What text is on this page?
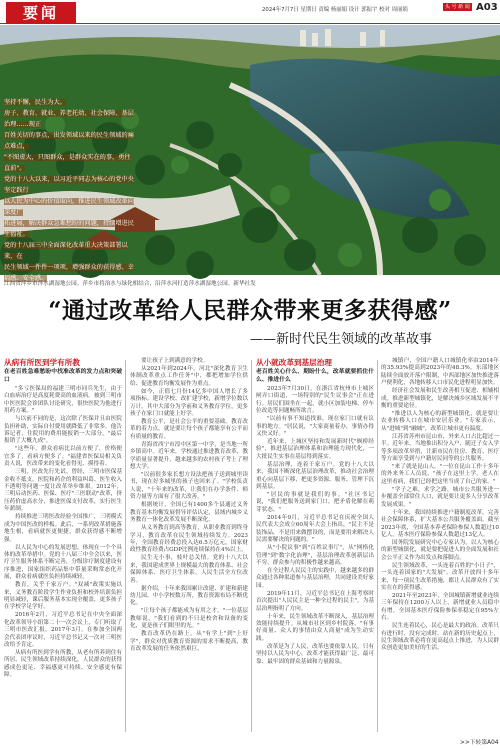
要闻	2024年7月7日 星期日 责编 杨丽娟 设计 郭振宇 校对 周丽娟	头 号 新 闻 A03
坚持不懈，民生为大。
房子、教育、就业、养老托幼、社会保障、基层治理……现正
百姓关切的事点，出发领域以来的民生领域的痛点难点，
"不图虚大，只图群众，是群众实在的事，勇往直前"。
党的十八大以来，以习近平同志为核心的党中央坚定践行
以人民为中心的价值取向，推进民生领域改革向深度广
拓进展，解决群众急难愁盼的问题，持续增进民生福祉。
党的十八届三中全面深化改革重大决策部署以来，在
民生领域一件件一项项，增强群众的获得感、幸福感、安全感。
江西省萍乡市萍水湖湿地公园。萍乡市将治水与绿化相结合，沿萍水河打造萍水湖湿地公园。新华社发
“通过改革给人民群众带来更多获得感”
——新时代民生领域的改革故事
从病有所医到学有所教
在老百姓急难愁盼中找准改革的发力点和突破口

"多亏医保局的福建三明市同兵先生，由于白血病治疗是高度耗费高的血液病。被到三明市中医医院会诊团队讨论研究，很快医院为他进行用药方案。"

与以前不同的是，这次除了医保并且由医院负担补助，实际自付费用就降低了非常多。他告诉记者，住院用的费用能报销一大部分，"最后报销了大概九成"。

"这些年，群众看病比以前方便了，价格便宜多了，看病方便多了。"福建省医保局相关负责人说，医改带来的变化看得见、摸得着。

三明，医改先行先试。曾经，三明市医保基金收不抵支，医院和药企的利益纠葛、医生收入不透明等问题一度让改革举步维艰。2012年，三明启动医药、医保、医疗"三医联动"改革，挤压药价虚高水分，推进医保支付改革，实行医生年薪制。

持续推进三明医改经验全国推广，三明模式成为中国医改的样板。此后，一系列改革措施落地生根，看病就医更便捷，群众获得感不断增强。

以人民为中心的发展思想，体现在一个个具体的改革举措中。党的十八届三中全会以来，医疗卫生服务体系不断完善，分级诊疗制度建设有序推进，国家组织药品集中带量采购常态化开展，群众看病就医负担持续减轻。

教育，关乎千家万户。"双减"政策实施以来，义务教育阶段学生作业负担和校外培训负担明显减轻，课后服务基本实现全覆盖，更多孩子在学校学足学好。

2016年2月，习近平总书记在中央全面深化改革领导小组第二十一次会议上，专门听取了三明市医改汇报。2017年3月，在参加全国两会代表团审议时，习近平总书记又一次对三明医改给予肯定。

从病有所医到学有所教，从老有所养到住有所居，民生领域改革持续深化，人民群众的获得感成色更足、幸福感更可持续、安全感更有保障。

要让孩子上到满意的学校。

从2021年到2024年，河北"深化教育卫生体制改革重点工作任务"中，都把增加学位供给、促进教育均衡发展作为重点。

如今，正值七月份14亿多中国人增长了多项指标。建设学校、改扩建学校，新增学位数以万计。其中大部分为学前和义务教育学位，更多孩子在家门口就能上好学。

教育公平，是社会公平的重要基础。教育改革的着力点，就是要让每个孩子都能享有公平而有质量的教育。

青海省西宁市湟中区第一中学，是当地一所乡镇高中。近年来，学校通过推进教育改革，教学质量显著提升，越来越多的农村孩子考上了理想大学。

"以前很多家长想方设法把孩子送到城里读书，现在好多城里的孩子也回来了。"学校负责人说，"十年来的改革，让我们在办学条件、师资力量等方面有了很大改善。"

根据统计，全国已有1400多个县通过义务教育基本均衡发展督导评估认定，县域内城乡义务教育一体化改革发展不断深化。

从义务教育到高等教育，从职业教育到终身学习，教育改革在民生领域持续发力。2023年，全国教育经费总投入达6.5万亿元，国家财政性教育经费占GDP比例连续保持在4%以上。

民生无小事，枝叶总关情。党的十八大以来，我国建成世界上规模最大的教育体系、社会保障体系、医疗卫生体系，人民生活全方位改善。

据介绍，十年来我国累计改建、扩建和新建幼儿园、中小学校数万所，教育资源布局不断优化。

"让每个孩子都能成为有用之才。"一位基层教师说，"我们看到的不只是校舍和设备的变化，更是孩子们眼里的光。"

教育改革仍在路上。从"有学上"到"上好学"，群众对优质教育资源的需求不断提高，教育改革发展的任务依然艰巨。

从小就改革到基层治理
老百姓关心什么、期盼什么，改革就要抓住什么、推进什么

2023年7月30日，在浙江省杭州市上城区闸弄口街道，一场特别的"民生议事会"正在进行。居民们围坐在一起，就小区加装电梯、停车位改造等问题畅所欲言。

"以前有事不知道找谁，现在家门口就有议事的地方。"居民说，"大家商量着办，事情办得又快又好。"

近年来，上城区坚持和发展新时代"枫桥经验"，推进基层治理体系和治理能力现代化，一大批民生实事在基层得到落实。

基层治理，连着千家万户。党的十八大以来，我国不断深化基层治理改革，推动社会治理重心向基层下移，把更多资源、服务、管理下沉到基层。

"居民的事就是我们的事。"社区书记说，"我们把服务送到家门口，把矛盾化解在萌芽状态。"

2014年9月，习近平总书记在庆祝全国人民代表大会成立60周年大会上指出，"民主不是装饰品，不是用来做摆设的，而是要用来解决人民需要解决的问题的。"

从"小院议事"到"百姓议事厅"，从"网格化管理"到"数字化治理"，基层治理改革创新层出不穷，群众参与的积极性越来越高。

在全过程人民民主的实践中，越来越多的群众通过各种渠道参与基层治理，共同建设美好家园。

2019年11月，习近平总书记在上海考察时首次提出"人民民主是一种全过程的民主"，为基层治理指明了方向。

十年来，民生领域改革不断深入，基层治理效能持续提升。从城市社区到乡村院落，"有事好商量、众人的事情由众人商量"成为生动实践。

改革是为了人民，改革也要依靠人民。只有坚持以人民为中心，改革才能获得最广泛、最可靠、最牢固的群众基础和力量源泉。

城镇户，全国户籍人口城镇化率由2014年的35.93%提高到2023年的48.3%。东部地区陆续全面放开落户限制，中西部地区加快推进落户便利化，各地转移人口市民化进程明显加快。

经济社会发展和民生改善相互促进、相辅相成。推进新型城镇化，是解决城乡区域发展不平衡的重要途径。

"推进以人为核心的新型城镇化，就是要让农业转移人口在城市安居乐业。"专家表示，从"进城"到"融城"，改革让城市更有温度。

江苏省苏州市昆山市，外来人口占比超过一半。近年来，当地推出积分入户、随迁子女入学等多项改革举措，让新市民在住房、教育、医疗等方面享受到与户籍居民同等的公共服务。

"来了就是昆山人。"一位在昆山工作十多年的外来务工人员说，"孩子在这里上学，老人在这里看病，我们已经把这里当成了自己的家。"

"学子之难，求学之路，城市公共服务进一步覆盖全部常住人口，就是要让更多人分享改革发展成果。"

十年来，我国持续推进户籍制度改革，完善社会保障体系，扩大基本公共服务覆盖面。截至2023年底，全国基本养老保险参保人数超过10亿人，基本医疗保险参保人数超过13亿人。

国务院发展研究中心专家认为，以人为核心的新型城镇化，就是要把促进人的全面发展和社会公平正义作为出发点和落脚点。

民生领域改革，一头连着百姓的"小日子"，一头连着国家的"大发展"。改革开放四十多年来，每一项民生改革措施，都让人民群众有了实实在在的获得感。

2021年至2023年，全国城镇新增就业连续三年保持在1200万人以上，新增就业人员稳中有增。全国基本医疗保险参保率稳定在95%左右。

民生连着民心，民心是最大的政治。改革只有进行时，没有完成时。站在新的历史起点上，民生领域改革必将在更高起点上推进，为人民群众创造更加美好的生活。

>>下转第A04
